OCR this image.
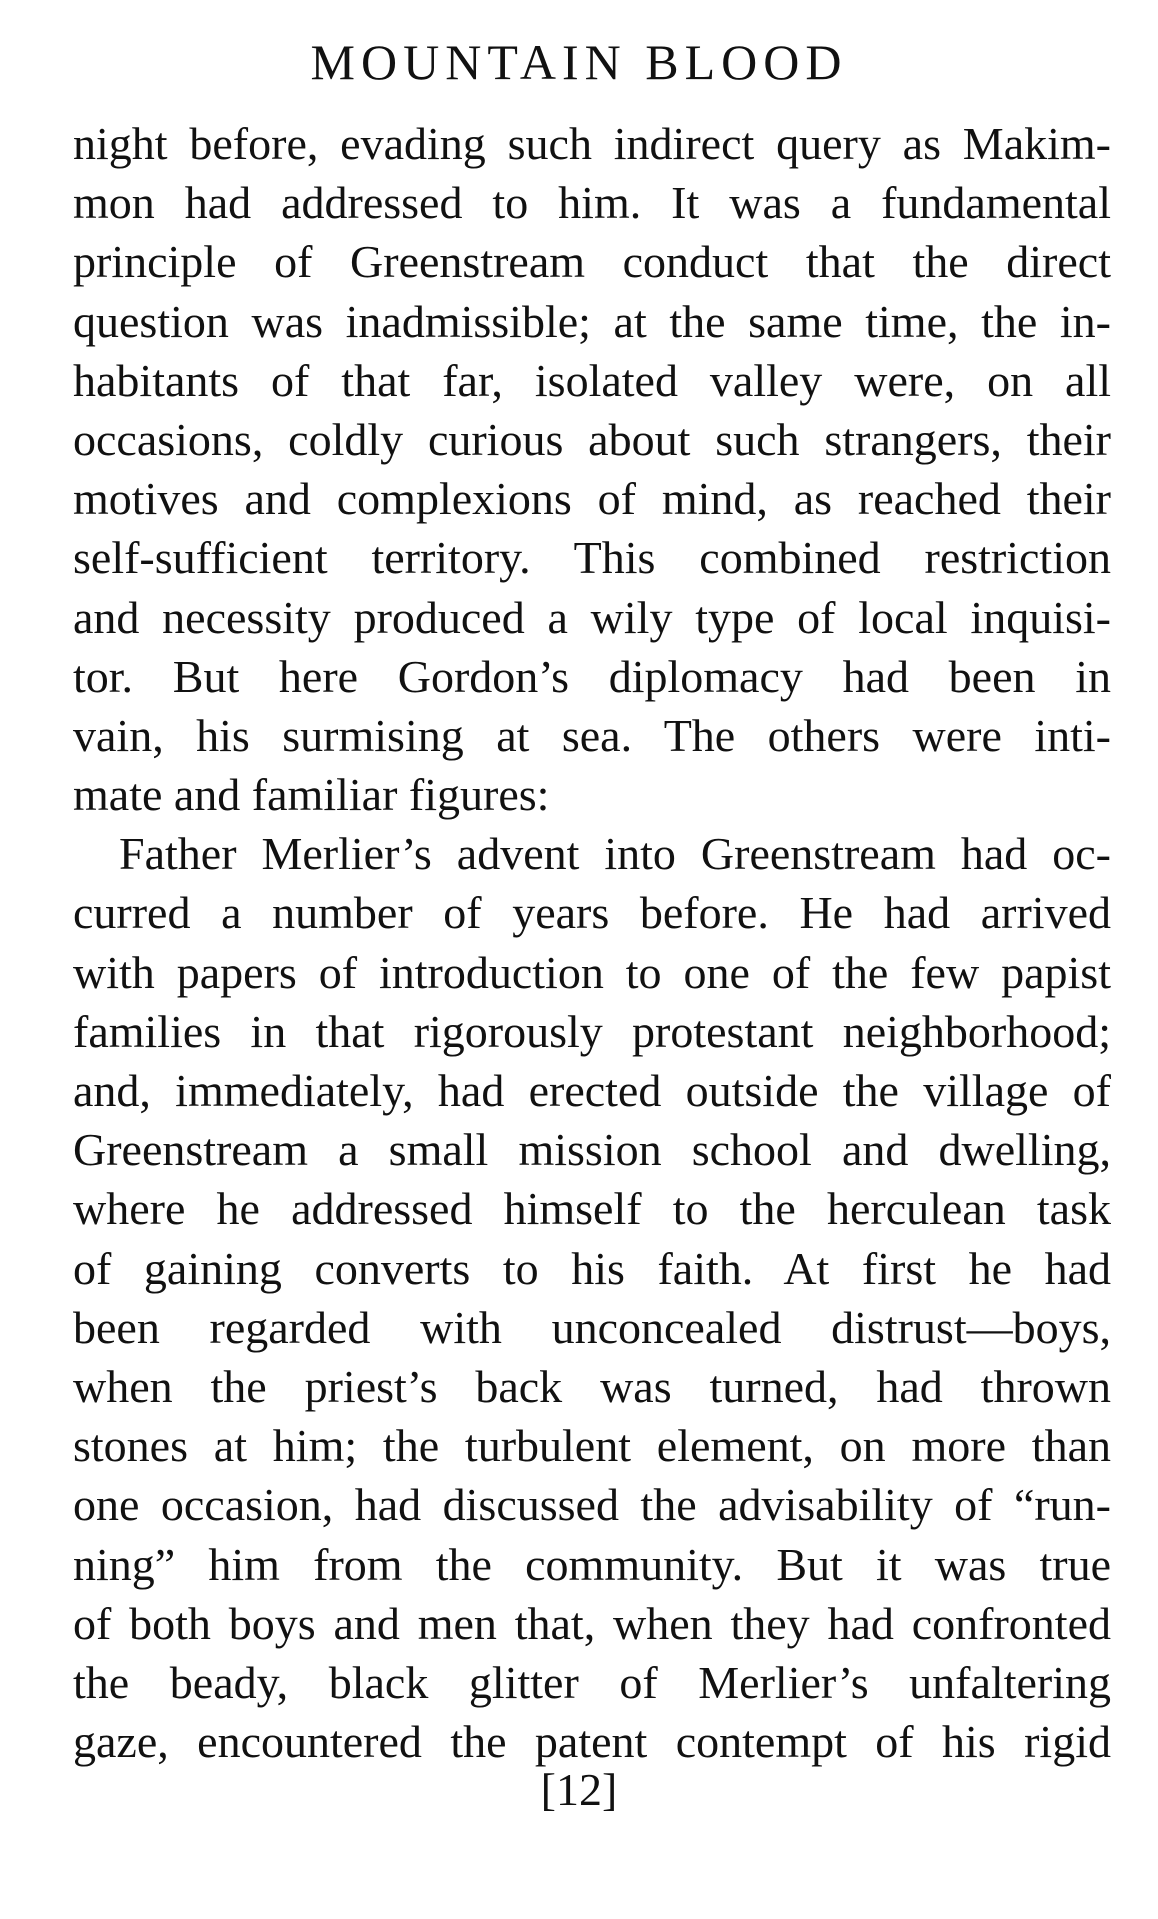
MOUNTAIN BLOOD
night before, evading such indirect query as Makim-
mon had addressed to him. It was a fundamental
principle of Greenstream conduct that the direct
question was inadmissible; at the same time, the in-
habitants of that far, isolated valley were, on all
occasions, coldly curious about such strangers, their
motives and complexions of mind, as reached their
self-sufficient territory. This combined restriction
and necessity produced a wily type of local inquisi-
tor. But here Gordon’s diplomacy had been in
vain, his surmising at sea. The others were inti-
mate and familiar figures:
Father Merlier’s advent into Greenstream had oc-
curred a number of years before. He had arrived
with papers of introduction to one of the few papist
families in that rigorously protestant neighborhood;
and, immediately, had erected outside the village of
Greenstream a small mission school and dwelling,
where he addressed himself to the herculean task
of gaining converts to his faith. At first he had
been regarded with unconcealed distrust—boys,
when the priest’s back was turned, had thrown
stones at him; the turbulent element, on more than
one occasion, had discussed the advisability of “run-
ning” him from the community. But it was true
of both boys and men that, when they had confronted
the beady, black glitter of Merlier’s unfaltering
gaze, encountered the patent contempt of his rigid
[12]
